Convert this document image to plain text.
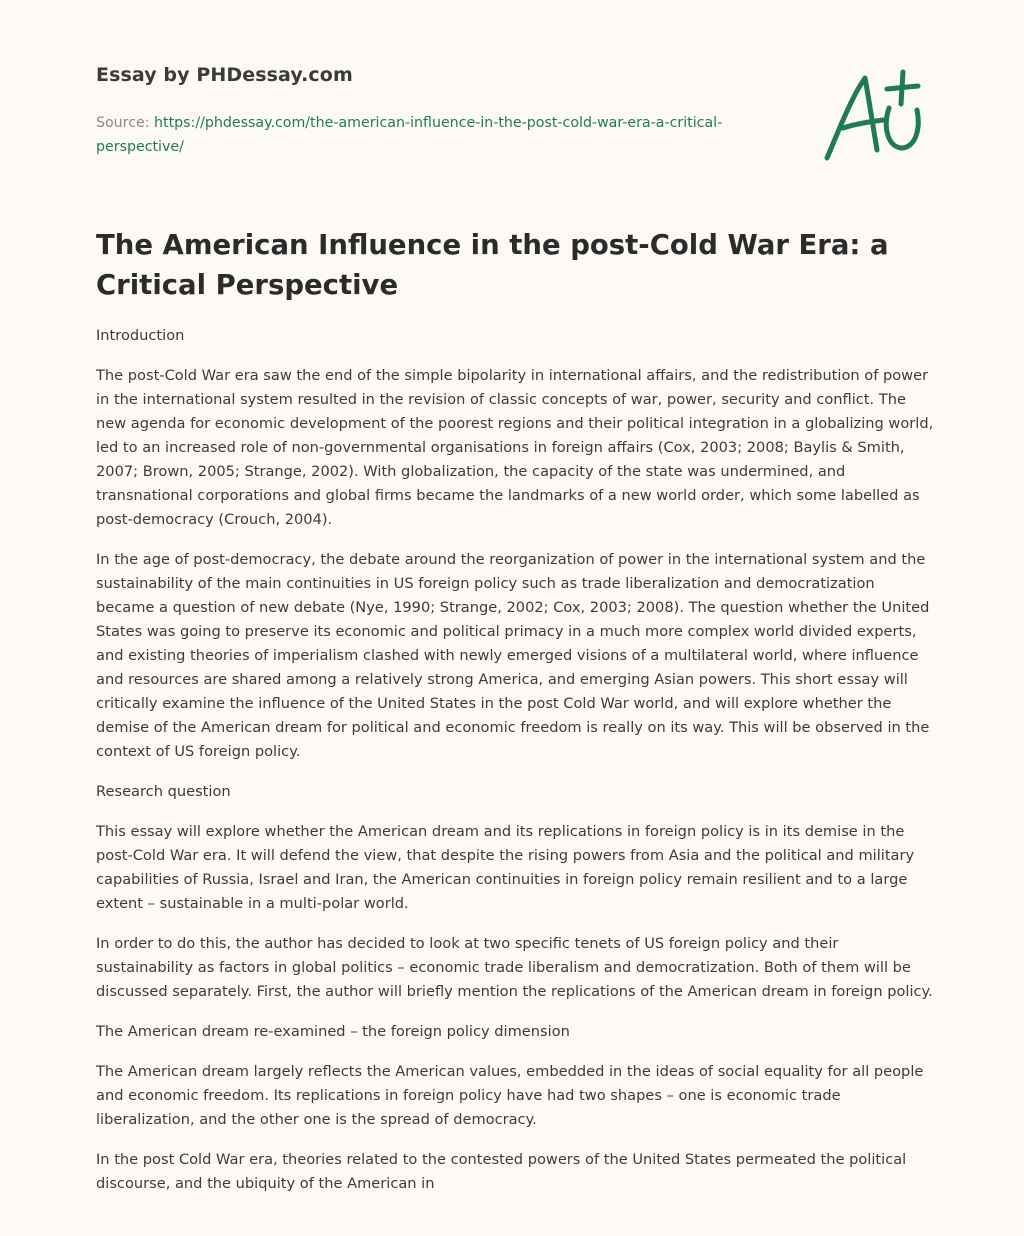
Essay by PHDessay.com
Source: https://phdessay.com/the-american-influence-in-the-post-cold-war-era-a-critical-perspective/
The American Influence in the post-Cold War Era: a Critical Perspective

Introduction

The post-Cold War era saw the end of the simple bipolarity in international affairs, and the redistribution of power in the international system resulted in the revision of classic concepts of war, power, security and conflict. The new agenda for economic development of the poorest regions and their political integration in a globalizing world, led to an increased role of non-governmental organisations in foreign affairs (Cox, 2003; 2008; Baylis & Smith, 2007; Brown, 2005; Strange, 2002). With globalization, the capacity of the state was undermined, and transnational corporations and global firms became the landmarks of a new world order, which some labelled as post-democracy (Crouch, 2004).

In the age of post-democracy, the debate around the reorganization of power in the international system and the sustainability of the main continuities in US foreign policy such as trade liberalization and democratization became a question of new debate (Nye, 1990; Strange, 2002; Cox, 2003; 2008). The question whether the United States was going to preserve its economic and political primacy in a much more complex world divided experts, and existing theories of imperialism clashed with newly emerged visions of a multilateral world, where influence and resources are shared among a relatively strong America, and emerging Asian powers. This short essay will critically examine the influence of the United States in the post Cold War world, and will explore whether the demise of the American dream for political and economic freedom is really on its way. This will be observed in the context of US foreign policy.

Research question

This essay will explore whether the American dream and its replications in foreign policy is in its demise in the post-Cold War era. It will defend the view, that despite the rising powers from Asia and the political and military capabilities of Russia, Israel and Iran, the American continuities in foreign policy remain resilient and to a large extent – sustainable in a multi-polar world.

In order to do this, the author has decided to look at two specific tenets of US foreign policy and their sustainability as factors in global politics – economic trade liberalism and democratization. Both of them will be discussed separately. First, the author will briefly mention the replications of the American dream in foreign policy.

The American dream re-examined – the foreign policy dimension

The American dream largely reflects the American values, embedded in the ideas of social equality for all people and economic freedom. Its replications in foreign policy have had two shapes – one is economic trade liberalization, and the other one is the spread of democracy.

In the post Cold War era, theories related to the contested powers of the United States permeated the political discourse, and the ubiquity of the American in
